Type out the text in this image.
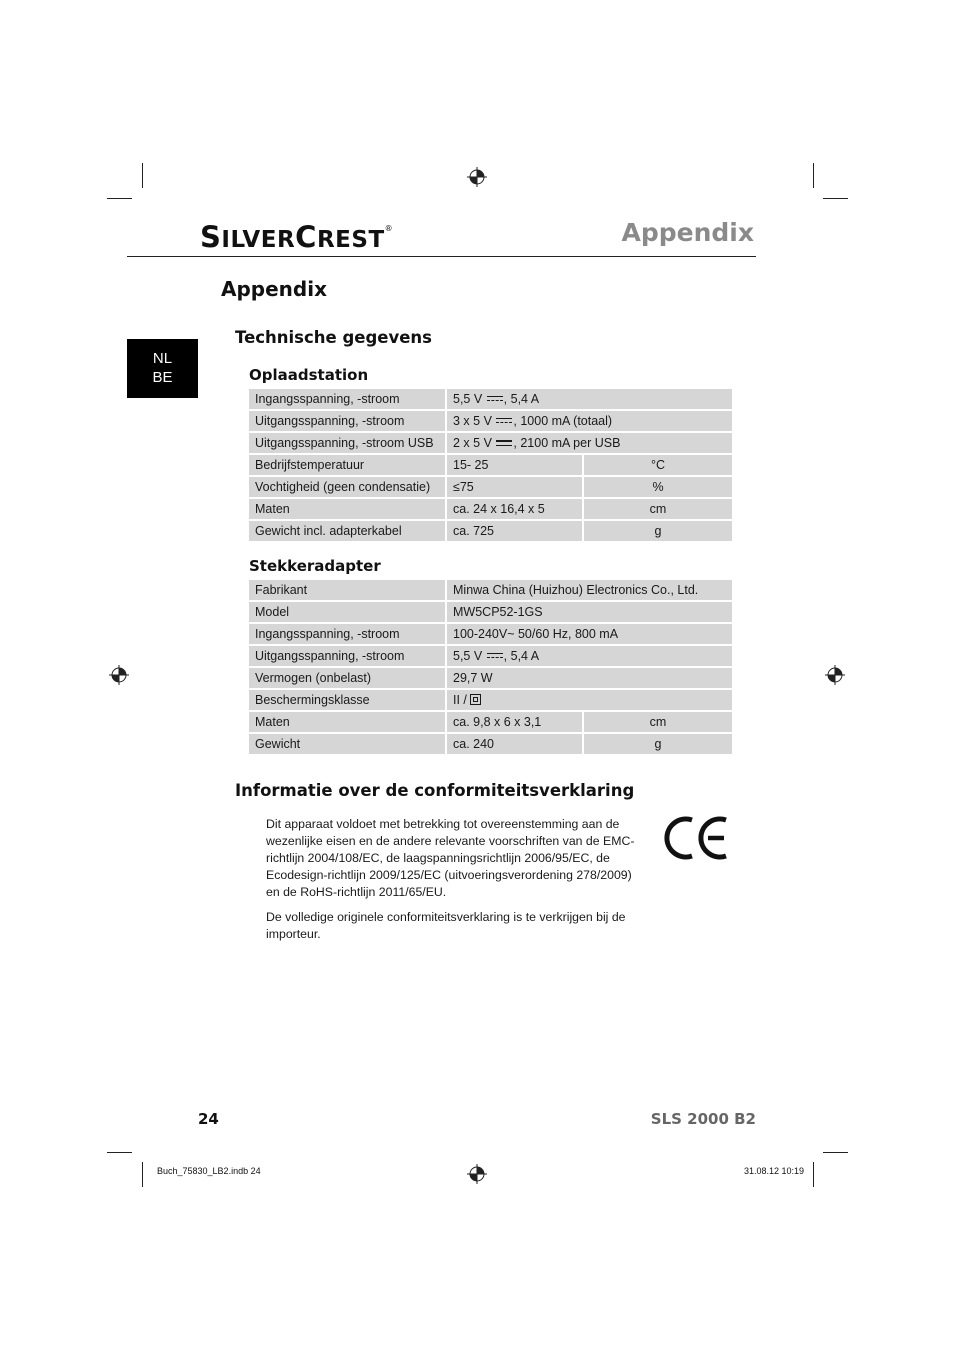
SILVERCREST®	Appendix
Appendix
NL
BE
Technische gegevens
Oplaadstation
Ingangsspanning, -stroom	5,5 V , 5,4 A	
Uitgangsspanning, -stroom	3 x 5 V , 1000 mA (totaal)	
Uitgangsspanning, -stroom USB	2 x 5 V , 2100 mA per USB	
Bedrijfstemperatuur	15- 25	°C
Vochtigheid (geen condensatie)	≤75	%
Maten	ca. 24 x 16,4 x 5	cm
Gewicht incl. adapterkabel	ca. 725	g
Stekkeradapter
Fabrikant	Minwa China (Huizhou) Electronics Co., Ltd.	
Model	MW5CP52-1GS	
Ingangsspanning, -stroom	100-240V~ 50/60 Hz, 800 mA	
Uitgangsspanning, -stroom	5,5 V , 5,4 A	
Vermogen (onbelast)	29,7 W	
Beschermingsklasse	II /	
Maten	ca. 9,8 x 6 x 3,1	cm
Gewicht	ca. 240	g
Informatie over de conformiteitsverklaring
Dit apparaat voldoet met betrekking tot overeenstemming aan de wezenlijke eisen en de andere relevante voorschriften van de EMC-richtlijn 2004/108/EC, de laagspanningsrichtlijn 2006/95/EC, de Ecodesign-richtlijn 2009/125/EC (uitvoeringsverordening 278/2009) en de RoHS-richtlijn 2011/65/EU.
De volledige originele conformiteitsverklaring is te verkrijgen bij de importeur.
24	SLS 2000 B2
Buch_75830_LB2.indb 24	31.08.12 10:19
